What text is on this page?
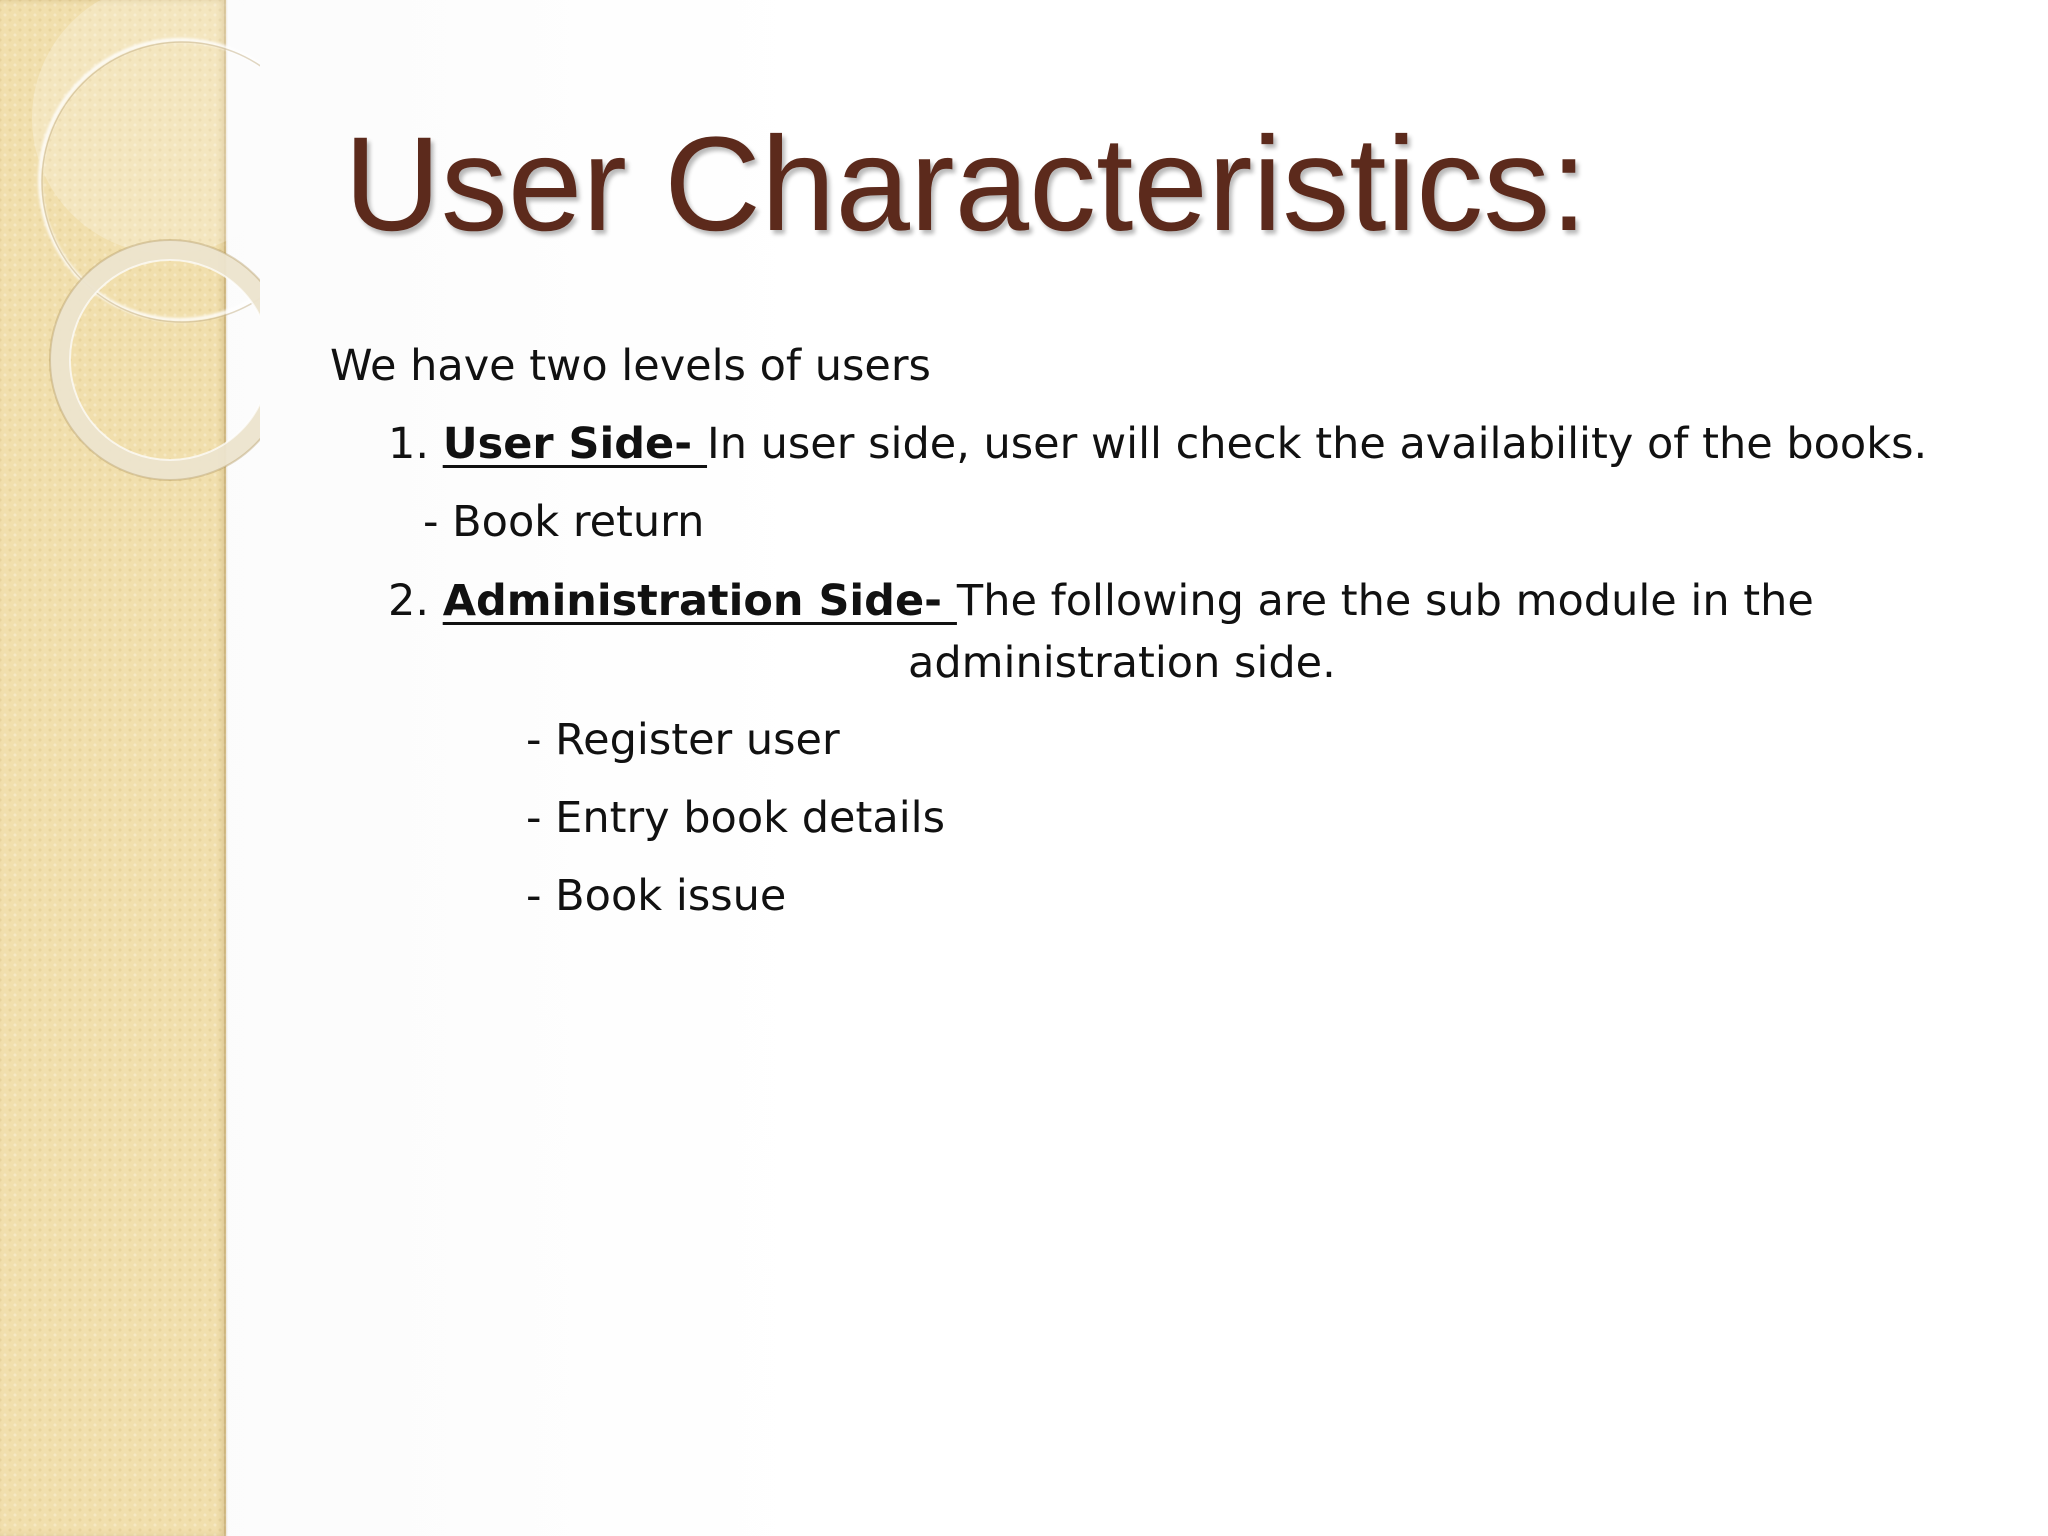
User Characteristics:
We have two levels of users
1. User Side- In user side, user will check the availability of the books.
- Book return
2. Administration Side- The following are the sub module in the
administration side.
- Register user
- Entry book details
- Book issue
